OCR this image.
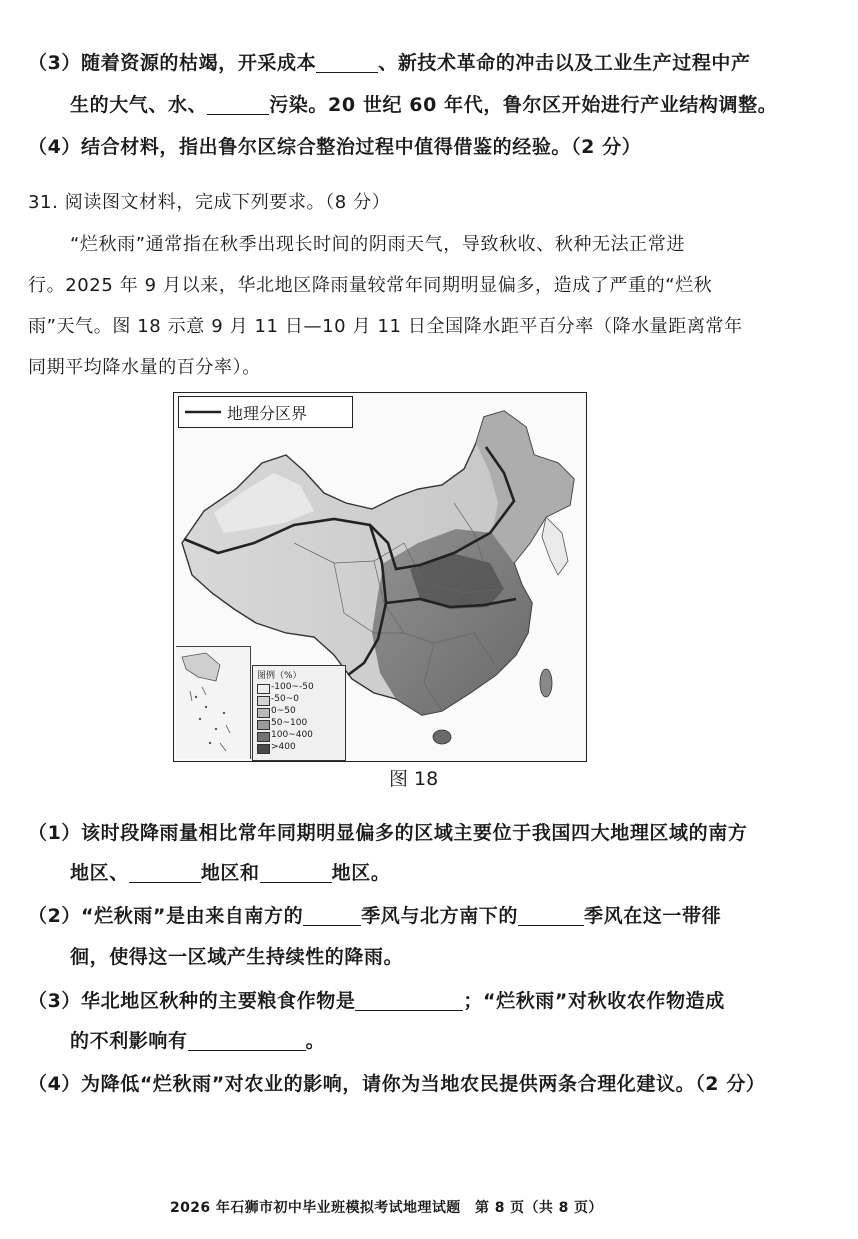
（3）随着资源的枯竭，开采成本	、新技术革命的冲击以及工业生产过程中产
生的大气、水、	污染。20 世纪 60 年代，鲁尔区开始进行产业结构调整。
（4）结合材料，指出鲁尔区综合整治过程中值得借鉴的经验。（2 分）
31. 阅读图文材料，完成下列要求。（8 分）
“烂秋雨”通常指在秋季出现长时间的阴雨天气，导致秋收、秋种无法正常进
行。2025 年 9 月以来，华北地区降雨量较常年同期明显偏多，造成了严重的“烂秋
雨”天气。图 18 示意 9 月 11 日—10 月 11 日全国降水距平百分率（降水量距离常年
同期平均降水量的百分率）。
地理分区界
图例（%）
-100~-50
-50~0
0~50
50~100
100~400
>400
图 18
（1）该时段降雨量相比常年同期明显偏多的区域主要位于我国四大地理区域的南方
地区、	地区和	地区。
（2）“烂秋雨”是由来自南方的	季风与北方南下的	季风在这一带徘
徊，使得这一区域产生持续性的降雨。
（3）华北地区秋种的主要粮食作物是	；“烂秋雨”对秋收农作物造成
的不利影响有	。
（4）为降低“烂秋雨”对农业的影响，请你为当地农民提供两条合理化建议。（2 分）
2026 年石狮市初中毕业班模拟考试地理试题　第 8 页（共 8 页）
